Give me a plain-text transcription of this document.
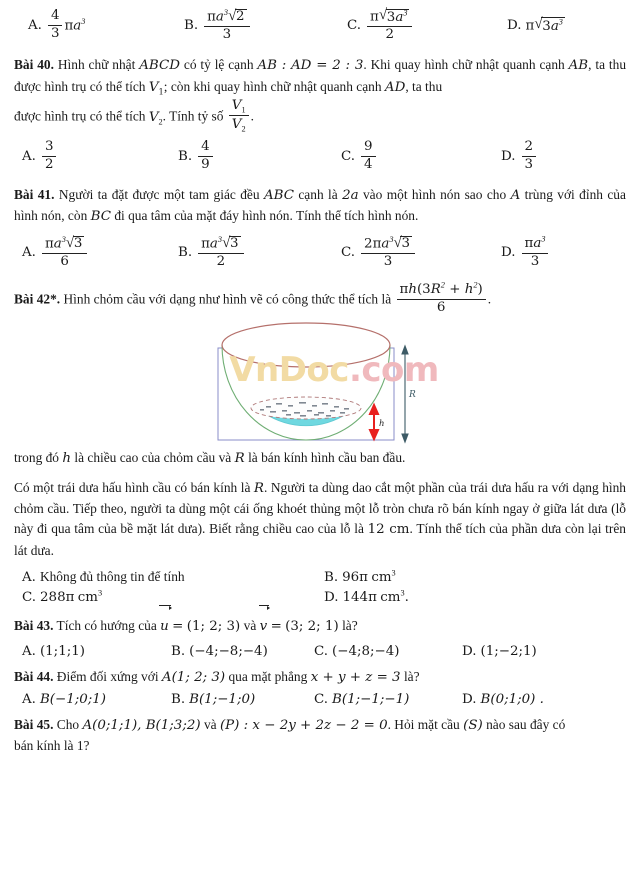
A. $\frac{4}{3} \pi a^3$	B. $\frac{\pi a^3 √ 2}{3}$	C. $\frac{\pi √ 3a^3}{2}$	D. π √ $3a^3$
Bài 40. Hình chữ nhật ABCD có tỷ lệ cạnh AB : AD = 2 : 3. Khi quay hình chữ nhật quanh cạnh AB, ta thu được hình trụ có thể tích $V_1$; còn khi quay hình chữ nhật quanh cạnh AD, ta thu
được hình trụ có thể tích $V_2$. Tính tỷ số $\frac{V_1}{V_2}$ .
A. $\frac{3}{2}$	B. $\frac{4}{9}$	C. $\frac{9}{4}$	D. $\frac{2}{3}$
Bài 41. Người ta đặt được một tam giác đều ABC cạnh là 2a vào một hình nón sao cho A trùng với đỉnh của hình nón, còn BC đi qua tâm của mặt đáy hình nón. Tính thể tích hình nón.
A. $\frac{\pi a^3 √ 3}{6}$	B. $\frac{\pi a^3 √ 3}{2}$	C. $\frac{2\pi a^3 √ 3}{3}$	D. $\frac{\pi a^3}{3}$
Bài 42*. Hình chỏm cầu với dạng như hình vẽ có công thức thể tích là $\frac{\pi h(3R^2 + h^2)}{6}$ .
VnDoc.com
R
h
trong đó h là chiều cao của chỏm cầu và R là bán kính hình cầu ban đầu.
Có một trái dưa hấu hình cầu có bán kính là R. Người ta dùng dao cắt một phần của trái dưa hấu ra với dạng hình chỏm cầu. Tiếp theo, người ta dùng một cái ống khoét thủng một lỗ tròn chưa rõ bán kính ngay ở giữa lát dưa (lỗ này đi qua tâm của bề mặt lát dưa). Biết rằng chiều cao của lỗ là 12 cm. Tính thể tích của phần dưa còn lại trên lát dưa.
A. Không đủ thông tin để tính	B. 96π $cm^3$
C. 288π $cm^3$	D. 144π $cm^3$.
Bài 43. Tích có hướng của u = (1; 2; 3) và v = (3; 2; 1) là?
A. (1;1;1)	B. (−4;−8;−4)	C. (−4;8;−4)	D. (1;−2;1)
Bài 44. Điểm đối xứng với A(1; 2; 3) qua mặt phẳng x + y + z = 3 là?
A. B(−1;0;1)	B. B(1;−1;0)	C. B(1;−1;−1)	D. B(0;1;0) .
Bài 45. Cho A(0;1;1), B(1;3;2) và (P) : x − 2y + 2z − 2 = 0. Hỏi mặt cầu (S) nào sau đây có
bán kính là 1?
